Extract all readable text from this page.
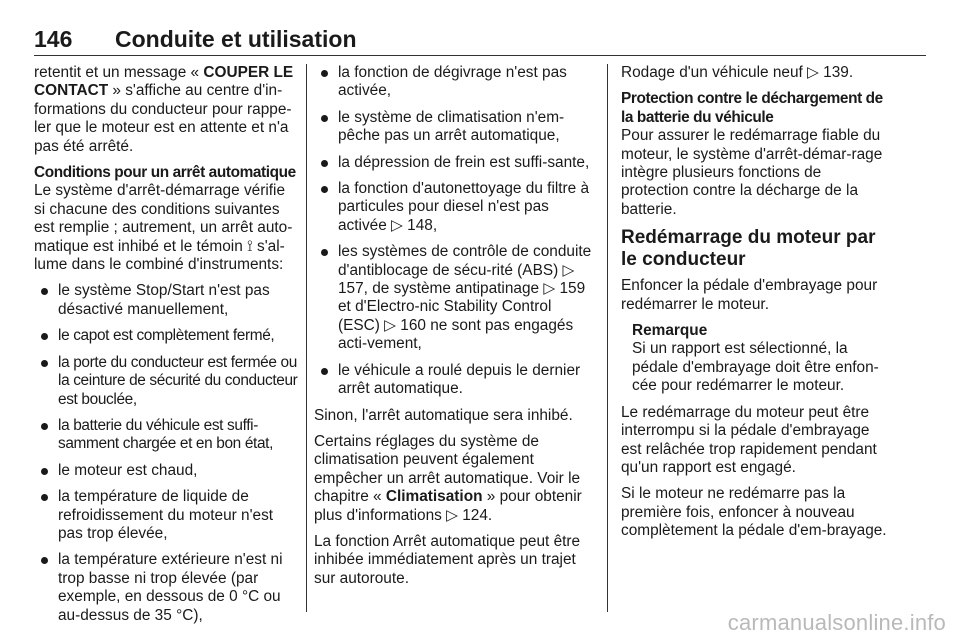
146 Conduite et utilisation

retentit et un message « COUPER LE CONTACT » s'affiche au centre d'in-formations du conducteur pour rappe-ler que le moteur est en attente et n'a pas été arrêté.

Conditions pour un arrêt automatique

Le système d'arrêt-démarrage vérifie si chacune des conditions suivantes est remplie ; autrement, un arrêt auto-matique est inhibé et le témoin ⟟ s'al-lume dans le combiné d'instruments:

le système Stop/Start n'est pas désactivé manuellement,
le capot est complètement fermé,
la porte du conducteur est fermée ou la ceinture de sécurité du conducteur est bouclée,
la batterie du véhicule est suffi-samment chargée et en bon état,
le moteur est chaud,
la température de liquide de refroidissement du moteur n'est pas trop élevée,
la température extérieure n'est ni trop basse ni trop élevée (par exemple, en dessous de 0 °C ou au-dessus de 35 °C),
la fonction de dégivrage n'est pas activée,
le système de climatisation n'em-pêche pas un arrêt automatique,
la dépression de frein est suffi-sante,
la fonction d'autonettoyage du filtre à particules pour diesel n'est pas activée ▷ 148,
les systèmes de contrôle de conduite d'antiblocage de sécu-rité (ABS) ▷ 157, de système antipatinage ▷ 159 et d'Electro-nic Stability Control (ESC) ▷ 160 ne sont pas engagés acti-vement,
le véhicule a roulé depuis le dernier arrêt automatique.

Sinon, l'arrêt automatique sera inhibé.

Certains réglages du système de climatisation peuvent également empêcher un arrêt automatique. Voir le chapitre « Climatisation » pour obtenir plus d'informations ▷ 124.

La fonction Arrêt automatique peut être inhibée immédiatement après un trajet sur autoroute.

Rodage d'un véhicule neuf ▷ 139.

Protection contre le déchargement de la batterie du véhicule

Pour assurer le redémarrage fiable du moteur, le système d'arrêt-démar-rage intègre plusieurs fonctions de protection contre la décharge de la batterie.

Redémarrage du moteur par le conducteur

Enfoncer la pédale d'embrayage pour redémarrer le moteur.

Remarque
Si un rapport est sélectionné, la pédale d'embrayage doit être enfon-cée pour redémarrer le moteur.

Le redémarrage du moteur peut être interrompu si la pédale d'embrayage est relâchée trop rapidement pendant qu'un rapport est engagé.

Si le moteur ne redémarre pas la première fois, enfoncer à nouveau complètement la pédale d'em-brayage.

carmanualsonline.info
